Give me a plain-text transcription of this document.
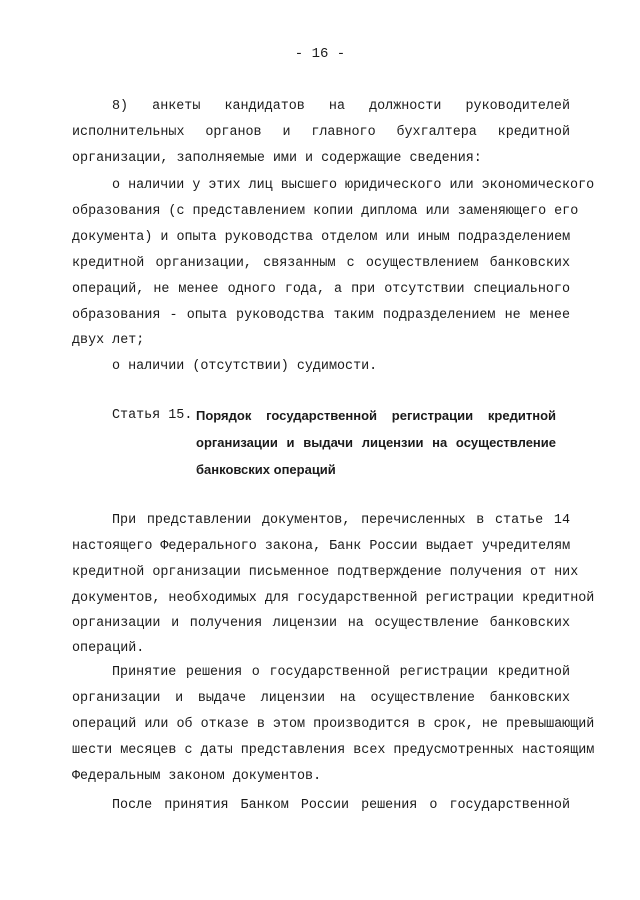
- 16 -
8) анкеты кандидатов на должности руководителей
исполнительных органов и главного бухгалтера кредитной
организации, заполняемые ими и содержащие сведения:
о наличии у этих лиц высшего юридического или экономического
образования (с представлением копии диплома или заменяющего его
документа) и опыта руководства отделом или иным подразделением
кредитной организации, связанным с осуществлением банковских
операций, не менее одного года, а при отсутствии специального
образования - опыта руководства таким подразделением не менее
двух лет;
о наличии (отсутствии) судимости.
Статья 15. Порядок государственной регистрации кредитной
организации и выдачи лицензии на осуществление
банковских операций
При представлении документов, перечисленных в статье 14
настоящего Федерального закона, Банк России выдает учредителям
кредитной организации письменное подтверждение получения от них
документов, необходимых для государственной регистрации кредитной
организации и получения лицензии на осуществление банковских
операций.
Принятие решения о государственной регистрации кредитной
организации и выдаче лицензии на осуществление банковских
операций или об отказе в этом производится в срок, не превышающий
шести месяцев с даты представления всех предусмотренных настоящим
Федеральным законом документов.
После принятия Банком России решения о государственной
